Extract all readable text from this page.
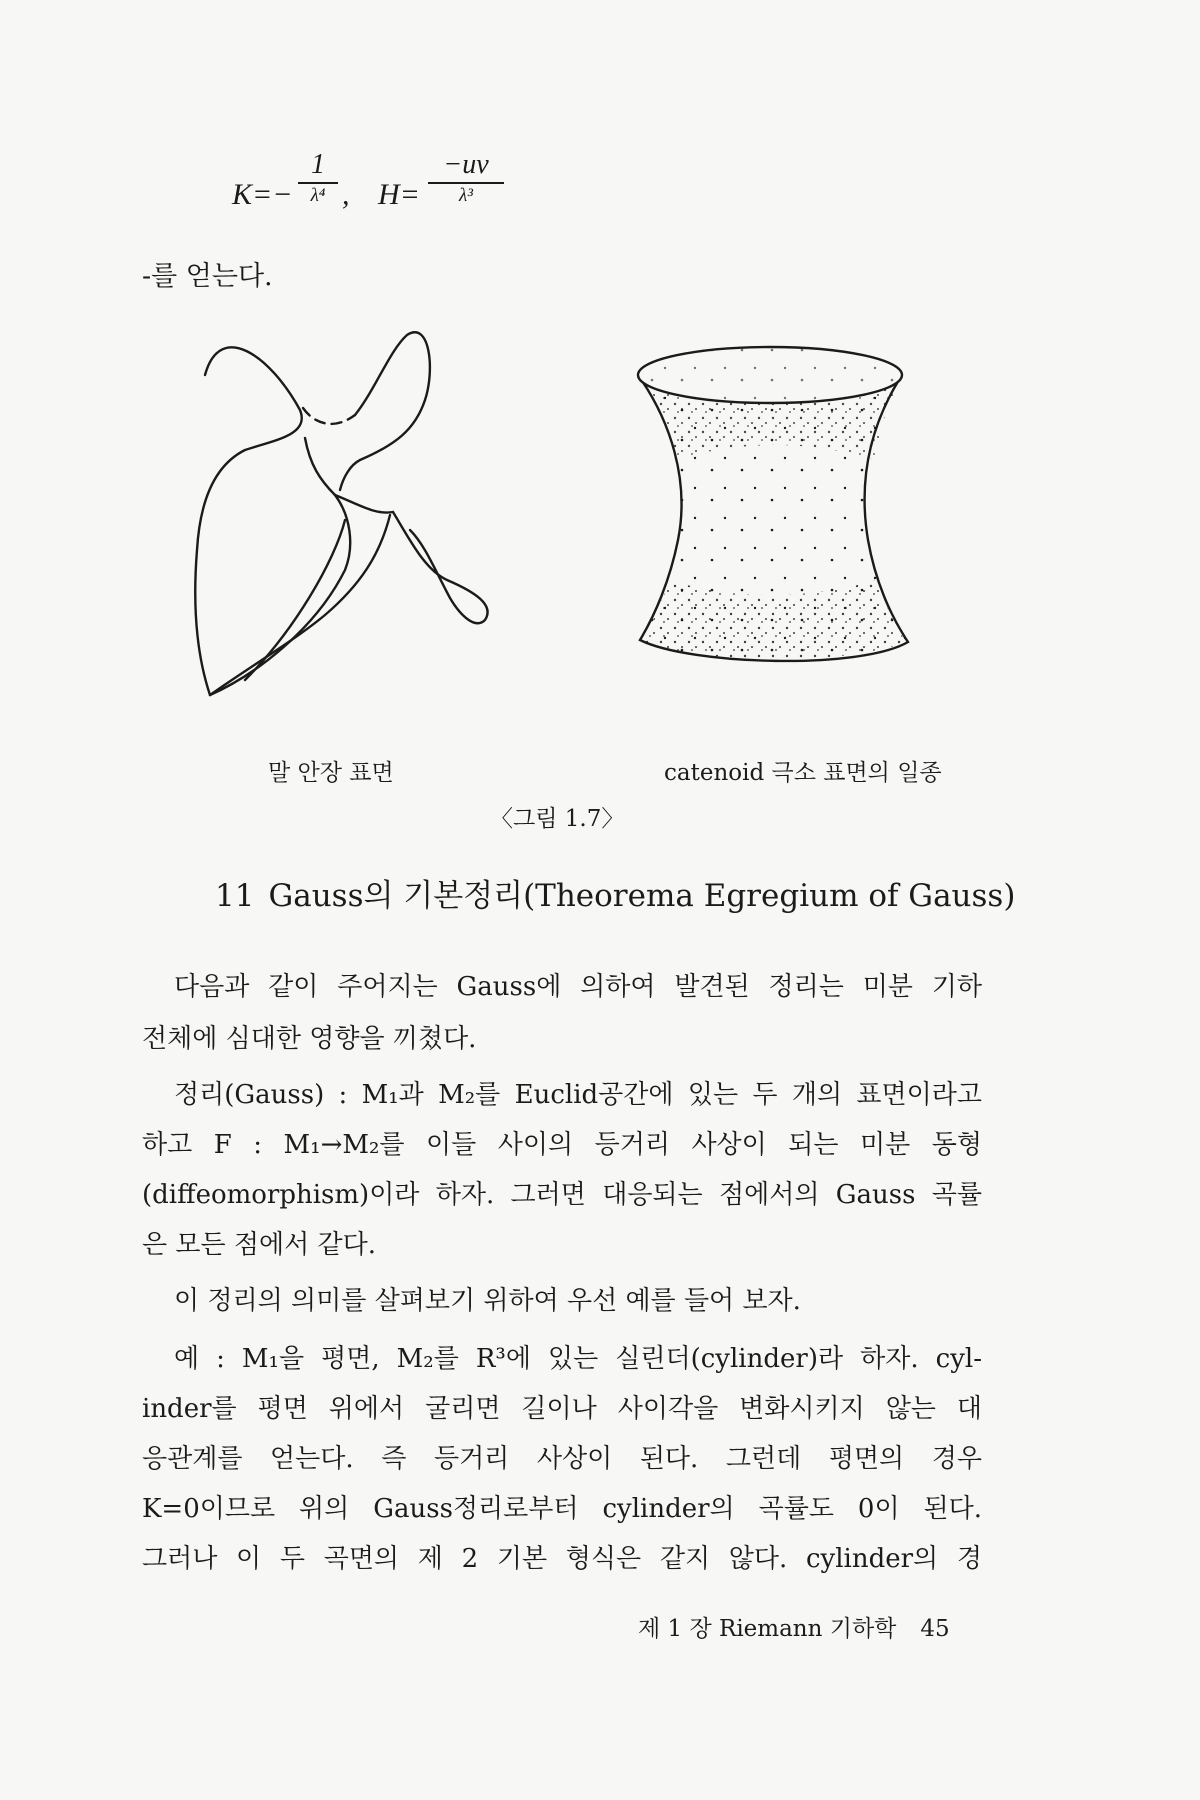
K=−
1
λ⁴ , H=
−uv
λ³
-를 얻는다.
말 안장 표면	catenoid 극소 표면의 일종
〈그림 1.7〉
11 Gauss의 기본정리(Theorema Egregium of Gauss)
다음과 같이 주어지는 Gauss에 의하여 발견된 정리는 미분 기하
전체에 심대한 영향을 끼쳤다.
정리(Gauss) : M₁과 M₂를 Euclid공간에 있는 두 개의 표면이라고
하고 F : M₁→M₂를 이들 사이의 등거리 사상이 되는 미분 동형
(diffeomorphism)이라 하자. 그러면 대응되는 점에서의 Gauss 곡률
은 모든 점에서 같다.
이 정리의 의미를 살펴보기 위하여 우선 예를 들어 보자.
예 : M₁을 평면, M₂를 R³에 있는 실린더(cylinder)라 하자. cyl-
inder를 평면 위에서 굴리면 길이나 사이각을 변화시키지 않는 대
응관계를 얻는다. 즉 등거리 사상이 된다. 그런데 평면의 경우
K=0이므로 위의 Gauss정리로부터 cylinder의 곡률도 0이 된다.
그러나 이 두 곡면의 제 2 기본 형식은 같지 않다. cylinder의 경
제 1 장 Riemann 기하학 45
